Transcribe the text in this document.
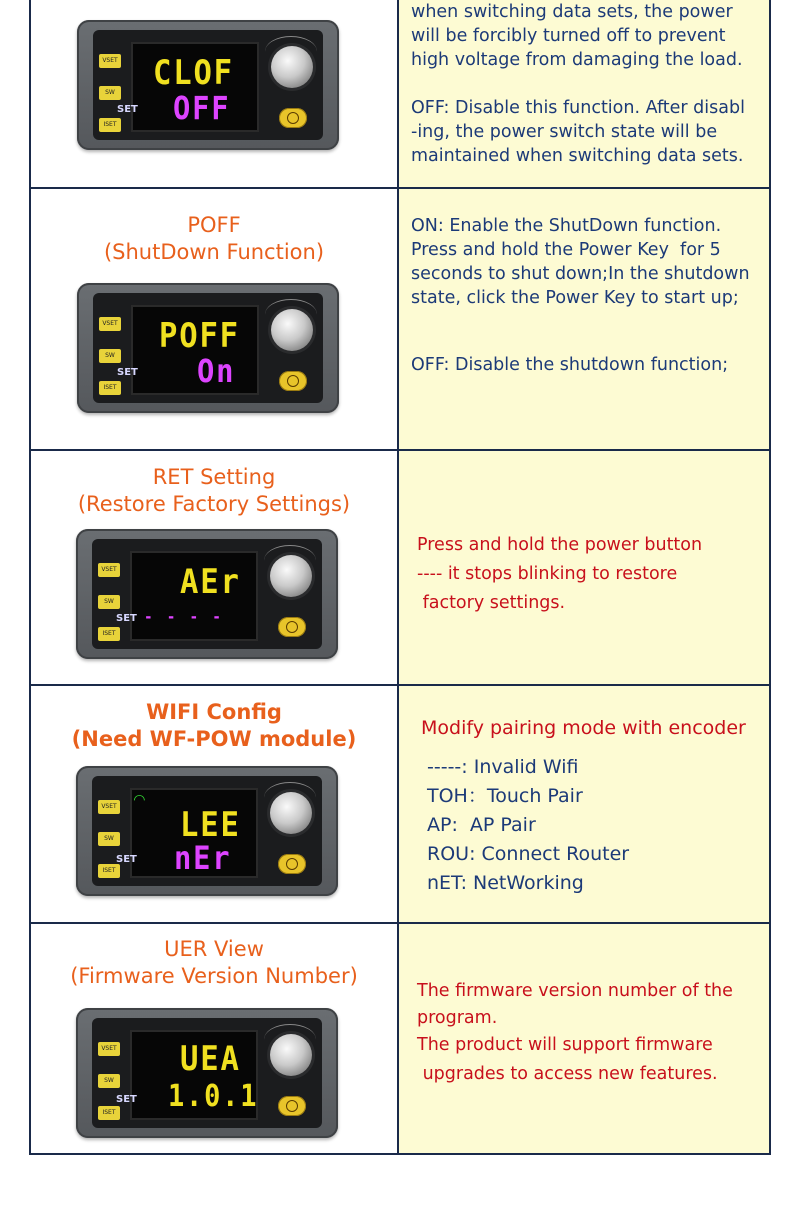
VSET
SW
ISET
CLOF
SET OFF
when switching data sets, the power
will be forcibly turned off to prevent
high voltage from damaging the load.
OFF: Disable this function. After disabl
-ing, the power switch state will be
maintained when switching data sets.
POFF
(ShutDown Function)
VSET
SW
ISET
POFF
SET On
ON: Enable the ShutDown function.
Press and hold the Power Key  for 5
seconds to shut down;In the shutdown
state, click the Power Key to start up;
OFF: Disable the shutdown function;
RET Setting
(Restore Factory Settings)
VSET
SW
ISET
AEr
SET - - - -
Press and hold the power button
---- it stops blinking to restore
factory settings.
WIFI Config
(Need WF-POW module)
VSET
SW
ISET
◠
LEE
SET nEr
Modify pairing mode with encoder
-----: Invalid Wifi
TOH：Touch Pair
AP:  AP Pair
ROU: Connect Router
nET: NetWorking
UER View
(Firmware Version Number)
VSET
SW
ISET
UEA
SET 1.0.1
The firmware version number of the
program.
The product will support firmware
upgrades to access new features.
